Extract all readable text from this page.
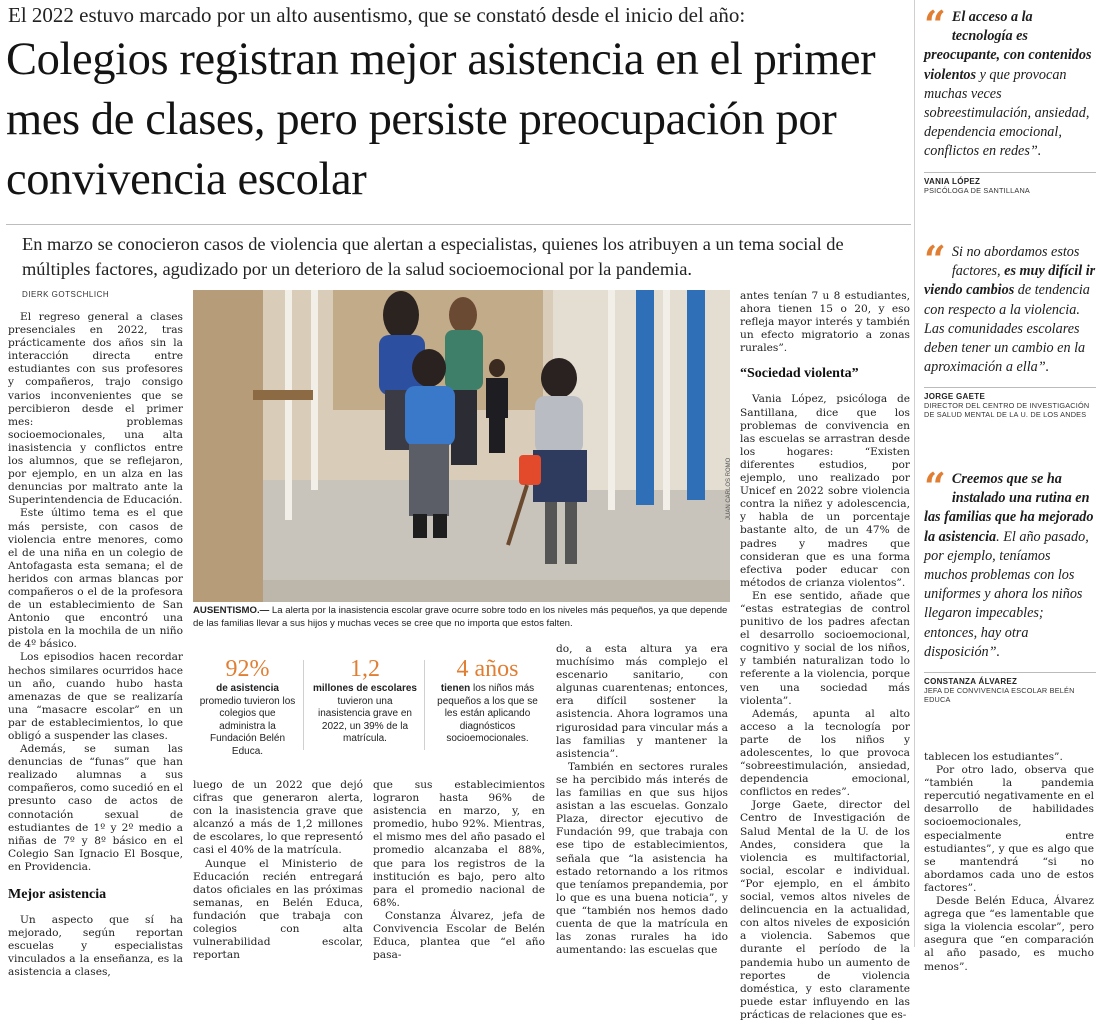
El 2022 estuvo marcado por un alto ausentismo, que se constató desde el inicio del año:

Colegios registran mejor asistencia en el primer mes de clases, pero persiste preocupación por convivencia escolar

En marzo se conocieron casos de violencia que alertan a especialistas, quienes los atribuyen a un tema social de múltiples factores, agudizado por un deterioro de la salud socioemocional por la pandemia.

DIERK GOTSCHLICH

El regreso general a clases presenciales en 2022, tras prácticamente dos años sin la interacción directa entre estudiantes con sus profesores y compañeros, trajo consigo varios inconvenientes que se percibieron desde el primer mes: problemas socioemocionales, una alta inasistencia y conflictos entre los alumnos, que se reflejaron, por ejemplo, en un alza en las denuncias por maltrato ante la Superintendencia de Educación.

Este último tema es el que más persiste, con casos de violencia entre menores, como el de una niña en un colegio de Antofagasta esta semana; el de heridos con armas blancas por compañeros o el de la profesora de un establecimiento de San Antonio que encontró una pistola en la mochila de un niño de 4º básico.

Los episodios hacen recordar hechos similares ocurridos hace un año, cuando hubo hasta amenazas de que se realizaría una “masacre escolar” en un par de establecimientos, lo que obligó a suspender las clases.

Además, se suman las denuncias de “funas” que han realizado alumnas a sus compañeros, como sucedió en el presunto caso de actos de connotación sexual de estudiantes de 1º y 2º medio a niñas de 7º y 8º básico en el Colegio San Ignacio El Bosque, en Providencia.

Mejor asistencia

Un aspecto que sí ha mejorado, según reportan escuelas y especialistas vinculados a la enseñanza, es la asistencia a clases,

JUAN CARLOS ROMO

AUSENTISMO.— La alerta por la inasistencia escolar grave ocurre sobre todo en los niveles más pequeños, ya que depende de las familias llevar a sus hijos y muchas veces se cree que no importa que estos falten.

92%
de asistencia promedio tuvieron los colegios que administra la Fundación Belén Educa.
1,2
millones de escolares tuvieron una inasistencia grave en 2022, un 39% de la matrícula.
4 años
tienen los niños más pequeños a los que se les están aplicando diagnósticos socioemocionales.

luego de un 2022 que dejó cifras que generaron alerta, con la inasistencia grave que alcanzó a más de 1,2 millones de escolares, lo que representó casi el 40% de la matrícula.

Aunque el Ministerio de Educación recién entregará datos oficiales en las próximas semanas, en Belén Educa, fundación que trabaja con colegios con alta vulnerabilidad escolar, reportan

que sus establecimientos lograron hasta 96% de asistencia en marzo, y, en promedio, hubo 92%. Mientras, el mismo mes del año pasado el promedio alcanzaba el 88%, que para los registros de la institución es bajo, pero alto para el promedio nacional de 68%.

Constanza Álvarez, jefa de Convivencia Escolar de Belén Educa, plantea que “el año pasa-

do, a esta altura ya era muchísimo más complejo el escenario sanitario, con algunas cuarentenas; entonces, era difícil sostener la asistencia. Ahora logramos una rigurosidad para vincular más a las familias y mantener la asistencia”.

También en sectores rurales se ha percibido más interés de las familias en que sus hijos asistan a las escuelas. Gonzalo Plaza, director ejecutivo de Fundación 99, que trabaja con ese tipo de establecimientos, señala que “la asistencia ha estado retornando a los ritmos que teníamos prepandemia, por lo que es una buena noticia”, y que “también nos hemos dado cuenta de que la matrícula en las zonas rurales ha ido aumentando: las escuelas que

antes tenían 7 u 8 estudiantes, ahora tienen 15 o 20, y eso refleja mayor interés y también un efecto migratorio a zonas rurales”.

“Sociedad violenta”

Vania López, psicóloga de Santillana, dice que los problemas de convivencia en las escuelas se arrastran desde los hogares: “Existen diferentes estudios, por ejemplo, uno realizado por Unicef en 2022 sobre violencia contra la niñez y adolescencia, y habla de un porcentaje bastante alto, de un 47% de padres y madres que consideran que es una forma efectiva poder educar con métodos de crianza violentos”.

En ese sentido, añade que “estas estrategias de control punitivo de los padres afectan el desarrollo socioemocional, cognitivo y social de los niños, y también naturalizan todo lo referente a la violencia, porque ven una sociedad más violenta”.

Además, apunta al alto acceso a la tecnología por parte de los niños y adolescentes, lo que provoca “sobreestimulación, ansiedad, dependencia emocional, conflictos en redes”.

Jorge Gaete, director del Centro de Investigación de Salud Mental de la U. de los Andes, considera que la violencia es multifactorial, social, escolar e individual. “Por ejemplo, en el ámbito social, vemos altos niveles de delincuencia en la actualidad, con altos niveles de exposición a violencia. Sabemos que durante el período de la pandemia hubo un aumento de reportes de violencia doméstica, y esto claramente puede estar influyendo en las prácticas de relaciones que es-

tablecen los estudiantes”.

Por otro lado, observa que “también la pandemia repercutió negativamente en el desarrollo de habilidades socioemocionales, especialmente entre estudiantes”, y que es algo que se mantendrá “si no abordamos cada uno de estos factores”.

Desde Belén Educa, Álvarez agrega que “es lamentable que siga la violencia escolar”, pero asegura que “en comparación al año pasado, es mucho menos”.

“ El acceso a la tecnología es preocupante, con contenidos violentos y que provocan muchas veces sobreestimulación, ansiedad, dependencia emocional, conflictos en redes”.

VANIA LÓPEZ
PSICÓLOGA DE SANTILLANA
“ Si no abordamos estos factores, es muy difícil ir viendo cambios de tendencia con respecto a la violencia. Las comunidades escolares deben tener un cambio en la aproximación a ella”.

JORGE GAETE
DIRECTOR DEL CENTRO DE INVESTIGACIÓN DE SALUD MENTAL DE LA U. DE LOS ANDES
“ Creemos que se ha instalado una rutina en las familias que ha mejorado la asistencia. El año pasado, por ejemplo, teníamos muchos problemas con los uniformes y ahora los niños llegaron impecables; entonces, hay otra disposición”.

CONSTANZA ÁLVAREZ
JEFA DE CONVIVENCIA ESCOLAR BELÉN EDUCA
